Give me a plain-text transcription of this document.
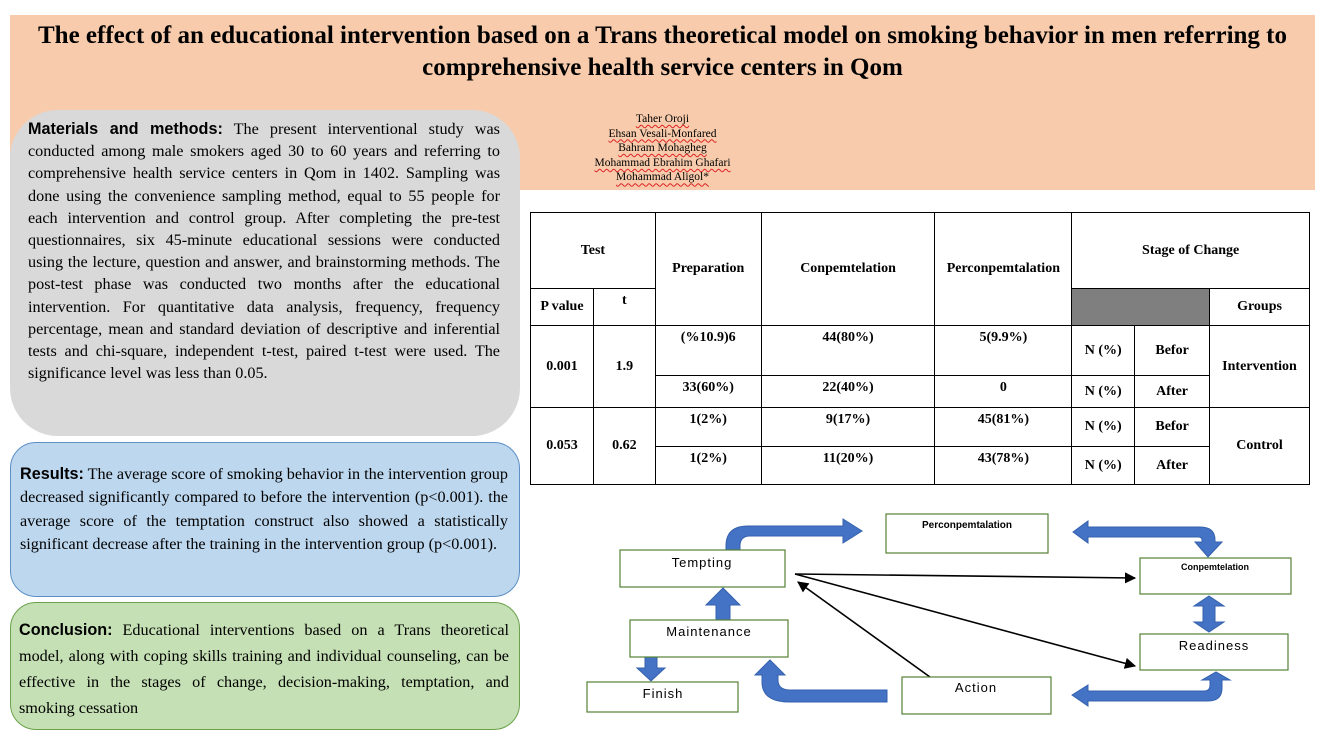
The effect of an educational intervention based on a Trans theoretical model on smoking behavior in men referring to comprehensive health service centers in Qom
Taher Oroji
Ehsan Vesali-Monfared
Bahram Mohagheg
Mohammad Ebrahim Ghafari
Mohammad Aligol*
Materials and methods: The present interventional study was conducted among male smokers aged 30 to 60 years and referring to comprehensive health service centers in Qom in 1402. Sampling was done using the convenience sampling method, equal to 55 people for each intervention and control group. After completing the pre-test questionnaires, six 45-minute educational sessions were conducted using the lecture, question and answer, and brainstorming methods. The post-test phase was conducted two months after the educational intervention. For quantitative data analysis, frequency, frequency percentage, mean and standard deviation of descriptive and inferential tests and chi-square, independent t-test, paired t-test were used. The significance level was less than 0.05.
Results: The average score of smoking behavior in the intervention group decreased significantly compared to before the intervention (p<0.001). the average score of the temptation construct also showed a statistically significant decrease after the training in the intervention group (p<0.001).
Conclusion: Educational interventions based on a Trans theoretical model, along with coping skills training and individual counseling, can be effective in the stages of change, decision-making, temptation, and smoking cessation
Test		Preparation	Conpemtelation	Perconpemtalation	Stage of Change		
P value	t						Groups
0.001	1.9	(%10.9)6	44(80%)	5(9.9%)	N (%)	Befor	Intervention
		33(60%)	22(40%)	0	N (%)	After	
0.053	0.62	1(2%)	9(17%)	45(81%)	N (%)	Befor	Control
		1(2%)	11(20%)	43(78%)	N (%)	After	
Tempting
Perconpemtalation
Conpemtelation
Readiness
Maintenance
Finish	Action
